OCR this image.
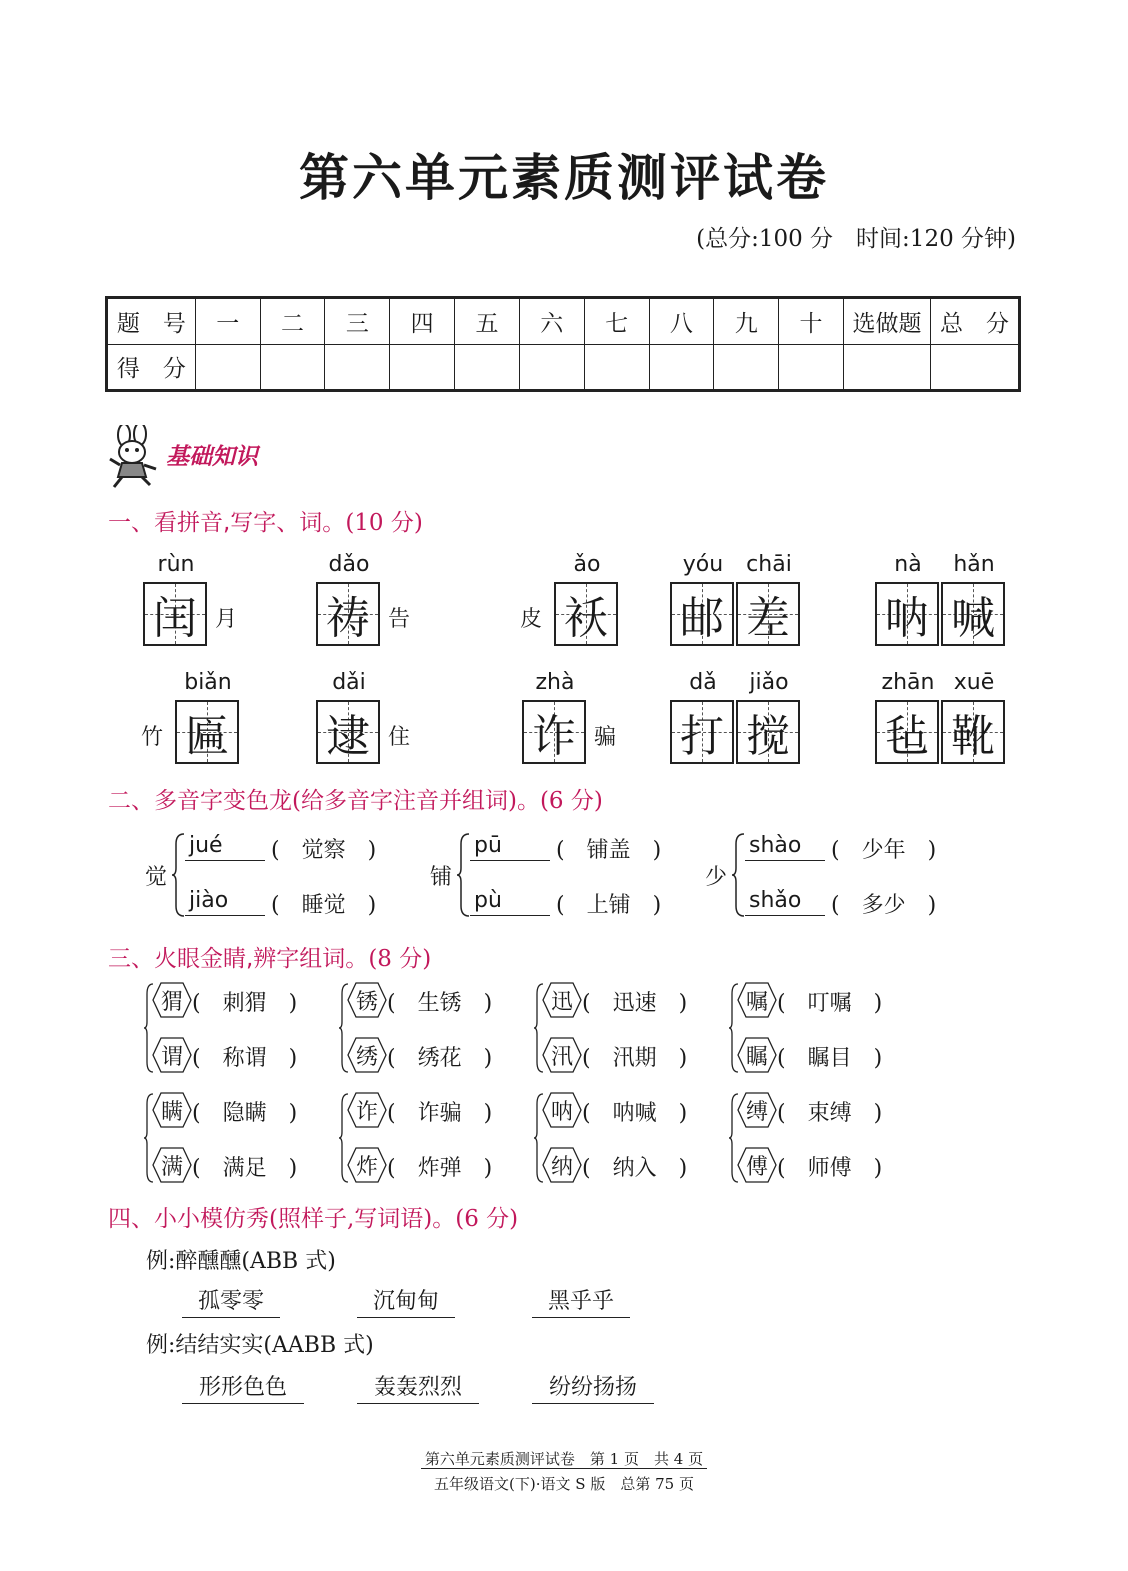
第六单元素质测评试卷
(总分:100 分　时间:120 分钟)
题　号	一	二	三	四	五	六	七	八	九	十	选做题	总　分
得　分												
基础知识
一、看拼音,写字、词。(10 分)
rùn
闰 月
dǎo
祷 告	皮
ǎo
袄
yóu
邮
chāi
差
nà
呐
hǎn
喊
竹
biǎn
匾
dǎi
逮 住
zhà
诈 骗
dǎ
打
jiǎo
搅
zhān
毡
xuē
靴
二、多音字变色龙(给多音字注音并组词)。(6 分)
觉
jué (　觉察　)
jiào (　睡觉　)
铺
pū (　铺盖　)
pù (　上铺　)
少
shào (　少年　)
shǎo (　多少　)
三、火眼金睛,辨字组词。(8 分)
猬 (　刺猬　)
谓 (　称谓　)
锈 (　生锈　)
绣 (　绣花　)
迅 (　迅速　)
汛 (　汛期　)
嘱 (　叮嘱　)
瞩 (　瞩目　)
瞒 (　隐瞒　)
满 (　满足　)
诈 (　诈骗　)
炸 (　炸弹　)
呐 (　呐喊　)
纳 (　纳入　)
缚 (　束缚　)
傅 (　师傅　)
四、小小模仿秀(照样子,写词语)。(6 分)
例:醉醺醺(ABB 式)
例:结结实实(AABB 式)
孤零零	沉甸甸	黑乎乎
形形色色	轰轰烈烈	纷纷扬扬
第六单元素质测评试卷　第 1 页　共 4 页
五年级语文(下)·语文 S 版　总第 75 页
